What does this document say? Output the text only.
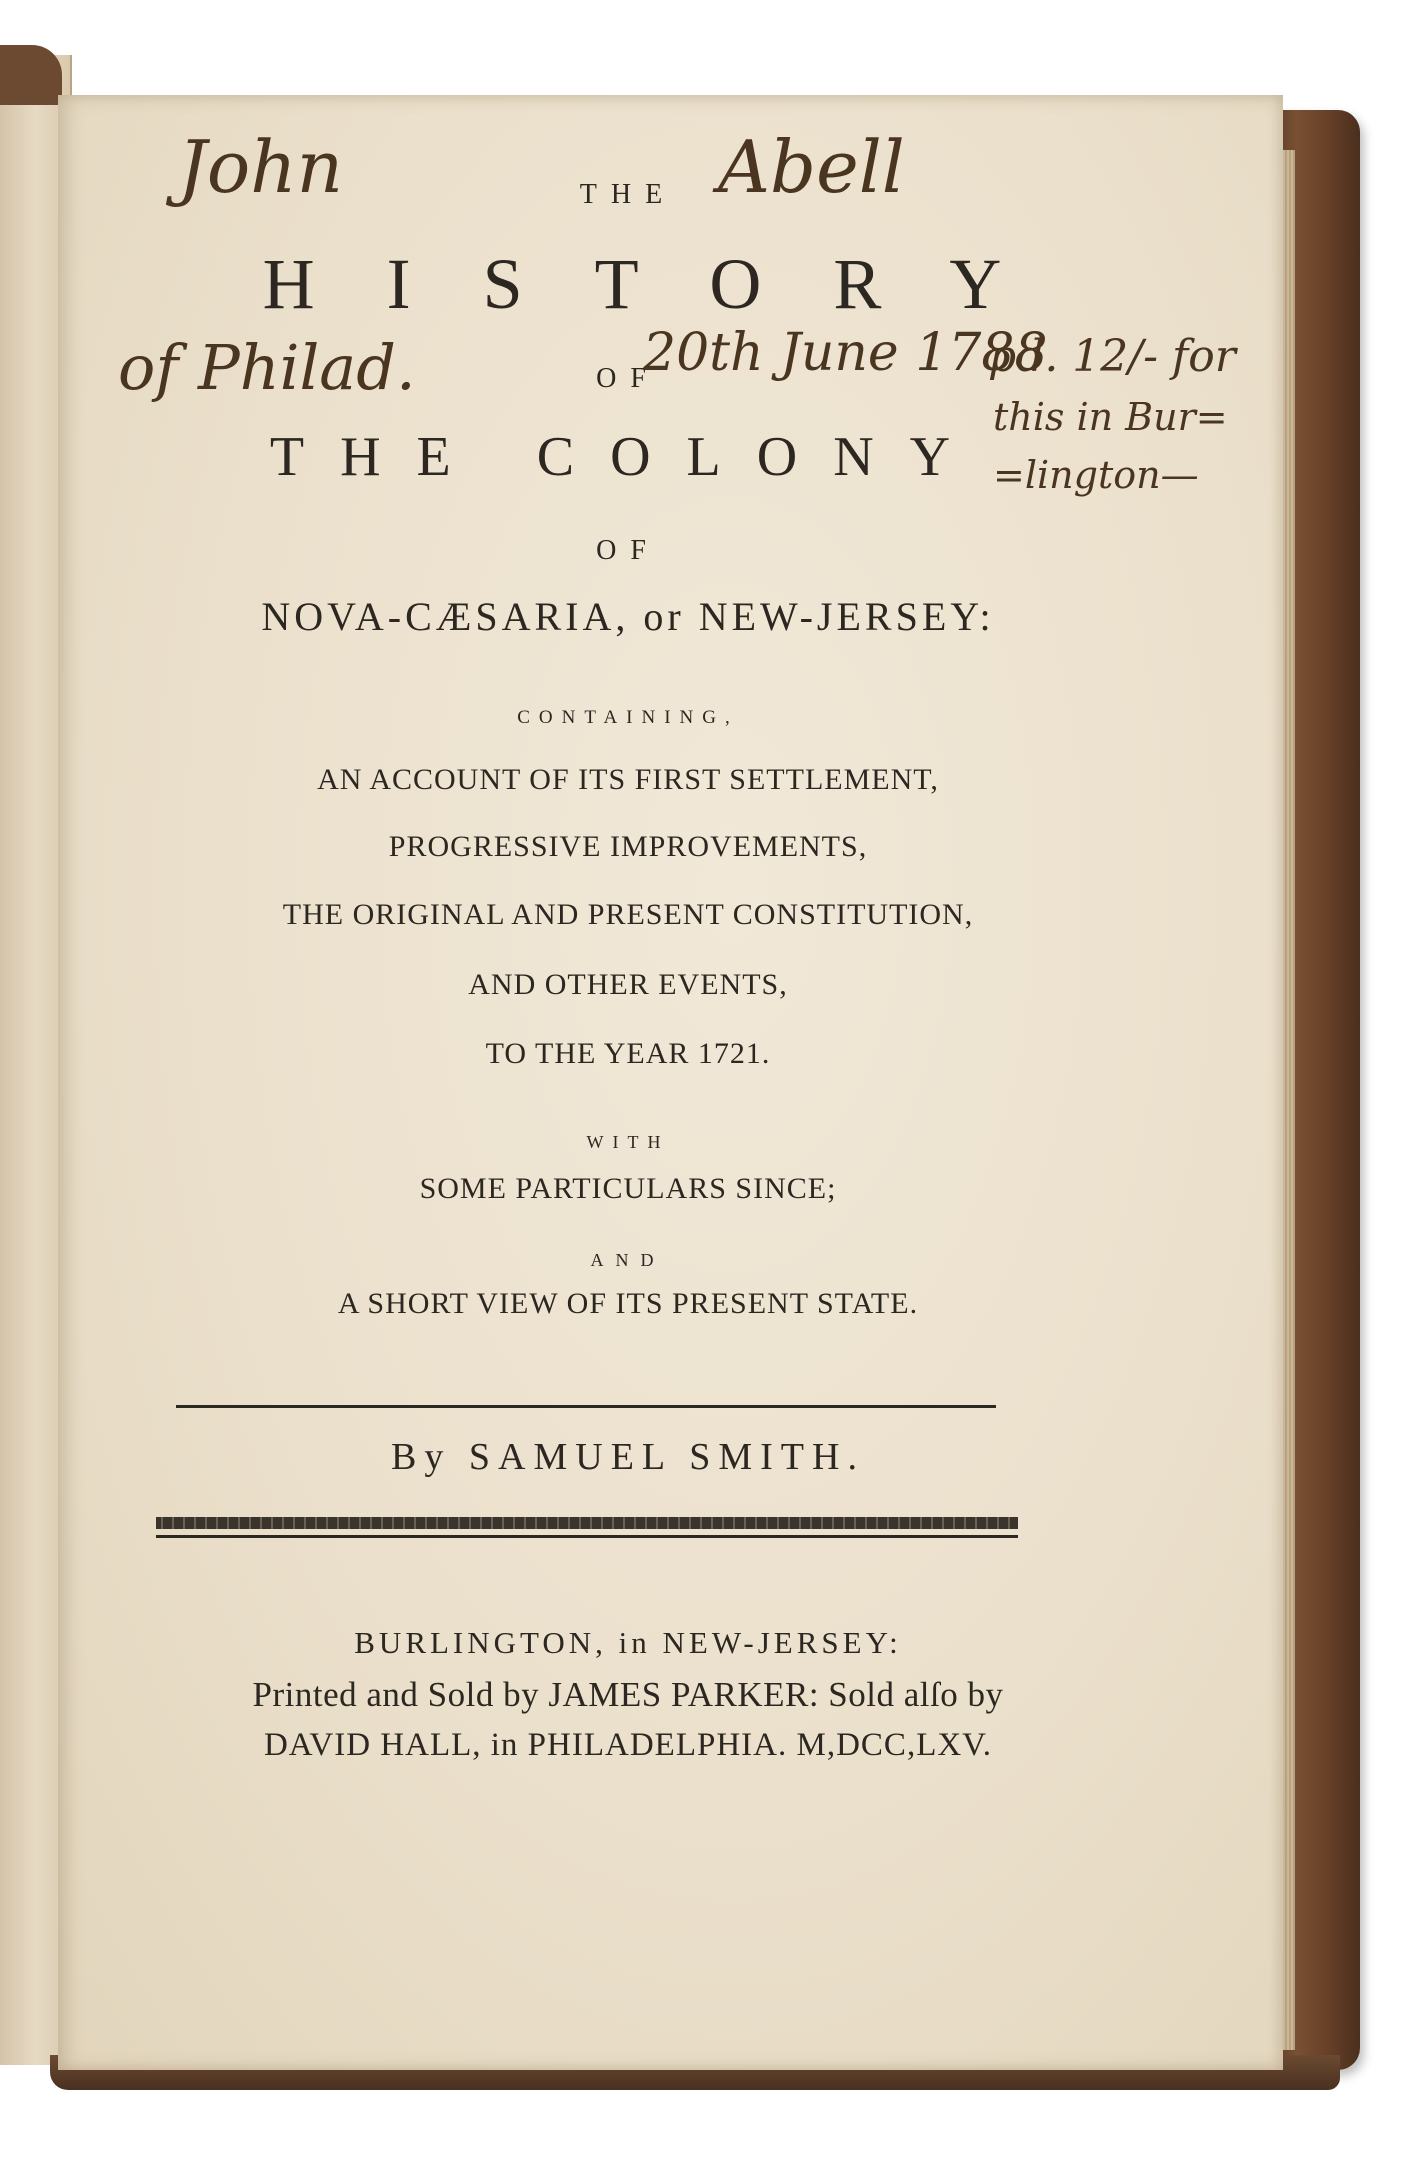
THE
HISTORY
OF
THE COLONY
OF
NOVA-CÆSARIA, or NEW-JERSEY:
CONTAINING,
AN ACCOUNT OF ITS FIRST SETTLEMENT,
PROGRESSIVE IMPROVEMENTS,
THE ORIGINAL AND PRESENT CONSTITUTION,
AND OTHER EVENTS,
TO THE YEAR 1721.
WITH
SOME PARTICULARS SINCE;
AND
A SHORT VIEW OF ITS PRESENT STATE.
By SAMUEL SMITH.
BURLINGTON, in NEW-JERSEY:
Printed and Sold by JAMES PARKER: Sold alſo by
DAVID HALL, in PHILADELPHIA. M,DCC,LXV.
John	Abell
of Philad.	20th June 1788
pd. 12/- for
this in Bur=
=lington—
